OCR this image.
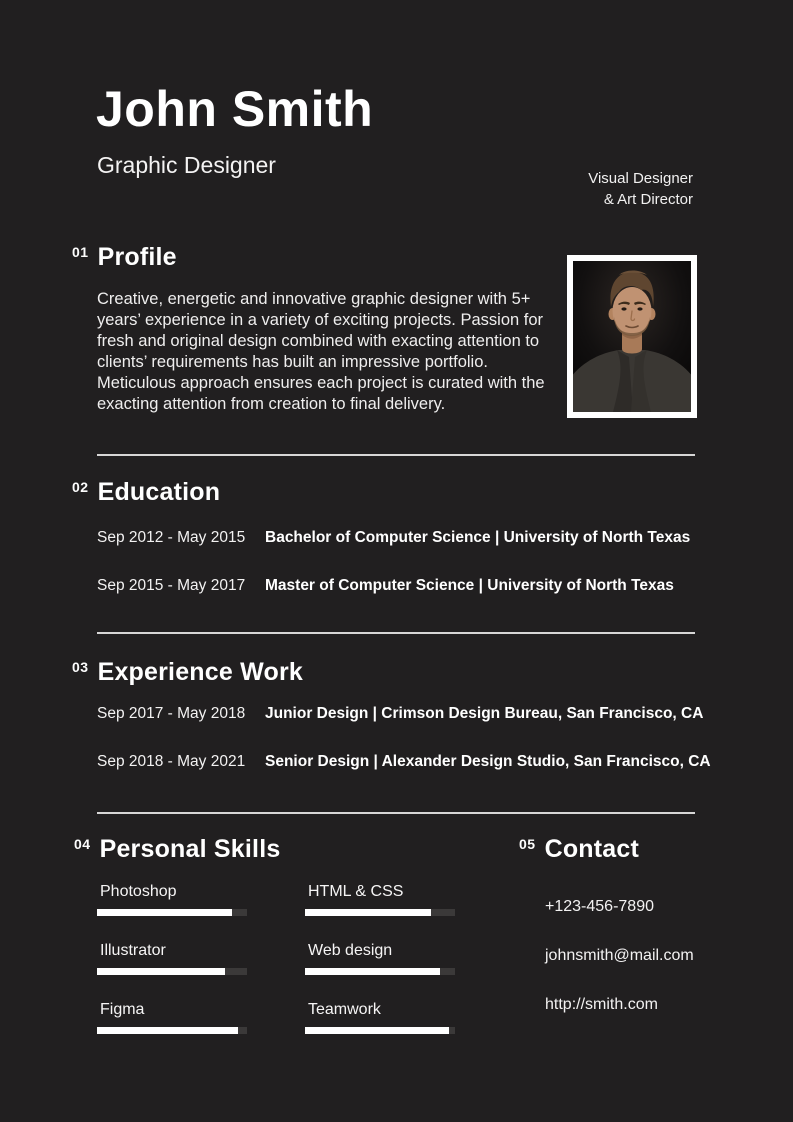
John Smith
Graphic Designer
Visual Designer
& Art Director
01 Profile
Creative, energetic and innovative graphic designer with 5+ years’ experience in a variety of exciting projects. Passion for fresh and original design combined with exacting attention to clients’ requirements has built an impressive portfolio. Meticulous approach ensures each project is curated with the exacting attention from creation to final delivery.
02 Education
Sep 2012 - May 2015	Bachelor of Computer Science | University of North Texas
Sep 2015 - May 2017	Master of Computer Science | University of North Texas
03 Experience Work
Sep 2017 - May 2018	Junior Design | Crimson Design Bureau, San Francisco, CA
Sep 2018 - May 2021	Senior Design | Alexander Design Studio, San Francisco, CA
04 Personal Skills
Photoshop
Illustrator
Figma
HTML & CSS
Web design
Teamwork
05 Contact
+123-456-7890
johnsmith@mail.com
http://smith.com
